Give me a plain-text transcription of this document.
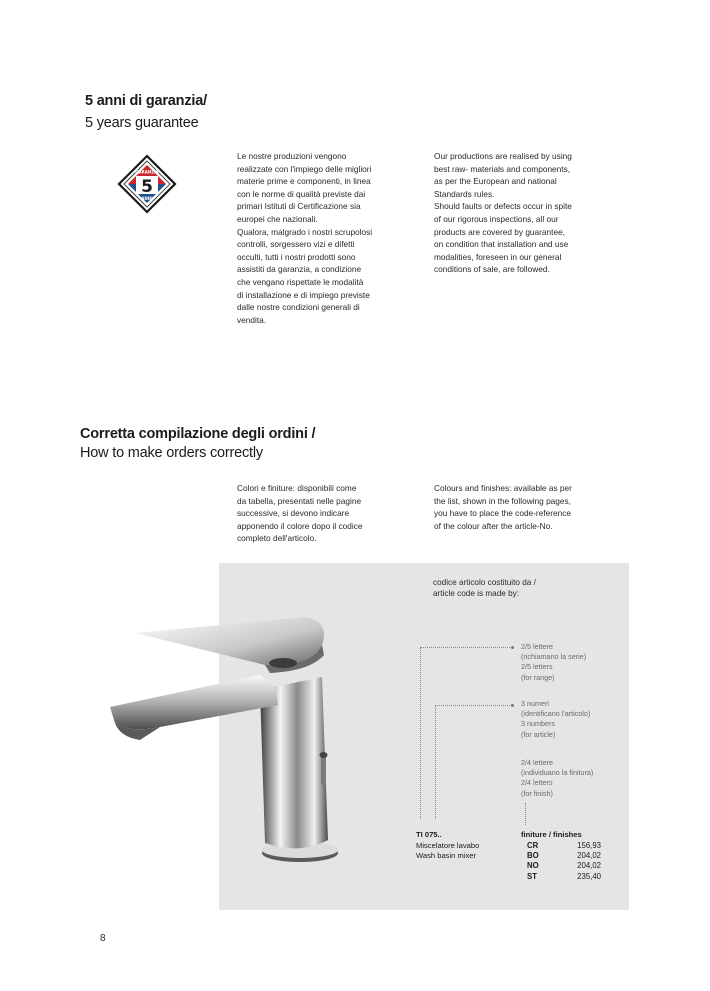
5 anni di garanzia/
5 years guarantee
5
GARANZIA
ANNI
Le nostre produzioni vengono
realizzate con l'impiego delle migliori
materie prime e componenti, in linea
con le norme di qualità previste dai
primari Istituti di Certificazione sia
europei che nazionali.
Qualora, malgrado i nostri scrupolosi
controlli, sorgessero vizi e difetti
occulti, tutti i nostri prodotti sono
assistiti da garanzia, a condizione
che vengano rispettate le modalità
di installazione e di impiego previste
dalle nostre condizioni generali di
vendita.
Our productions are realised by using
best raw- materials and components,
as per the European and national
Standards rules.
Should faults or defects occur in spite
of our rigorous inspections, all our
products are covered by guarantee,
on condition that installation and use
modalities, foreseen in our general
conditions of sale, are followed.
Corretta compilazione degli ordini /
How to make orders correctly
Colori e finiture: disponibili come
da tabella, presentati nelle pagine
successive, si devono indicare
apponendo il colore dopo il codice
completo dell'articolo.
Colours and finishes: available as per
the list, shown in the following pages,
you have to place the code-reference
of the colour after the article-No.
codice articolo costituito da /
article code is made by:
2/5 lettere
(richiamano la serie)
2/5 letters
(for range)
3 numeri
(identificano l'articolo)
3 numbers
(for article)
2/4 lettere
(individuano la finitura)
2/4 letters
(for finish)
TI 075..
Miscelatore lavabo
Wash basin mixer
finiture / finishes
CR	156,93
BO	204,02
NO	204,02
ST	235,40
8
